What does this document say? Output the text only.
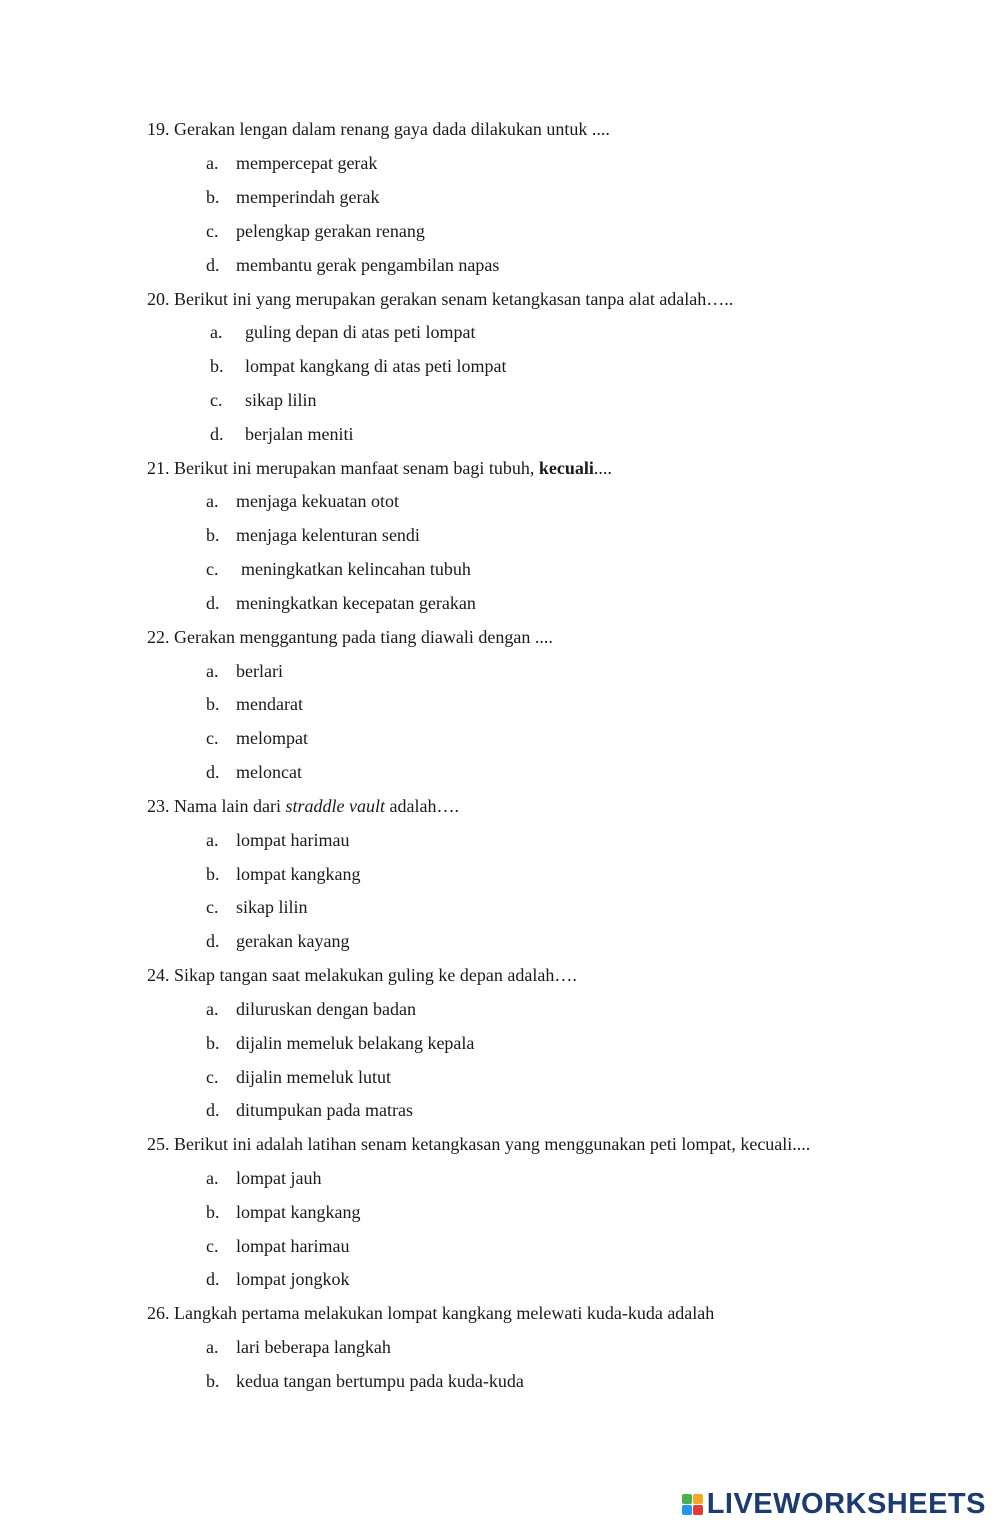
19. Gerakan lengan dalam renang gaya dada dilakukan untuk ....
a. mempercepat gerak
b. memperindah gerak
c. pelengkap gerakan renang
d. membantu gerak pengambilan napas
20. Berikut ini yang merupakan gerakan senam ketangkasan tanpa alat adalah…..
a.	guling depan di atas peti lompat
b.	lompat kangkang di atas peti lompat
c.	sikap lilin
d.	berjalan meniti
21. Berikut ini merupakan manfaat senam bagi tubuh, kecuali....
a. menjaga kekuatan otot
b. menjaga kelenturan sendi
c.	meningkatkan kelincahan tubuh
d. meningkatkan kecepatan gerakan
22. Gerakan menggantung pada tiang diawali dengan ....
a. berlari
b. mendarat
c. melompat
d. meloncat
23. Nama lain dari straddle vault adalah….
a. lompat harimau
b. lompat kangkang
c. sikap lilin
d. gerakan kayang
24. Sikap tangan saat melakukan guling ke depan adalah….
a. diluruskan dengan badan
b. dijalin memeluk belakang kepala
c. dijalin memeluk lutut
d. ditumpukan pada matras
25. Berikut ini adalah latihan senam ketangkasan yang menggunakan peti lompat, kecuali....
a. lompat jauh
b. lompat kangkang
c. lompat harimau
d. lompat jongkok
26. Langkah pertama melakukan lompat kangkang melewati kuda-kuda adalah
a. lari beberapa langkah
b. kedua tangan bertumpu pada kuda-kuda
LIVEWORKSHEETS
